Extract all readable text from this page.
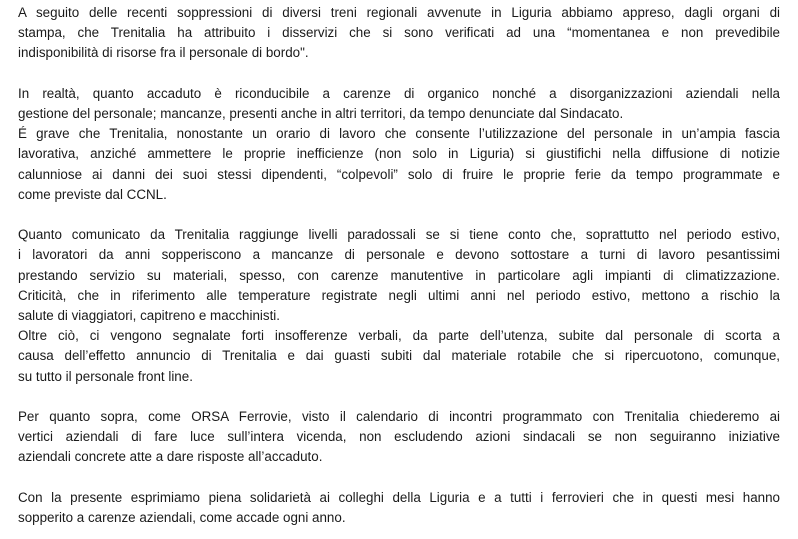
A seguito delle recenti soppressioni di diversi treni regionali avvenute in Liguria abbiamo appreso, dagli organi di
stampa, che Trenitalia ha attribuito i disservizi che si sono verificati ad una “momentanea e non prevedibile
indisponibilità di risorse fra il personale di bordo".

In realtà, quanto accaduto è riconducibile a carenze di organico nonché a disorganizzazioni aziendali nella
gestione del personale; mancanze, presenti anche in altri territori, da tempo denunciate dal Sindacato.

É grave che Trenitalia, nonostante un orario di lavoro che consente l’utilizzazione del personale in un’ampia fascia
lavorativa, anziché ammettere le proprie inefficienze (non solo in Liguria) si giustifichi nella diffusione di notizie
calunniose ai danni dei suoi stessi dipendenti, “colpevoli” solo di fruire le proprie ferie da tempo programmate e
come previste dal CCNL.

Quanto comunicato da Trenitalia raggiunge livelli paradossali se si tiene conto che, soprattutto nel periodo estivo,
i lavoratori da anni sopperiscono a mancanze di personale e devono sottostare a turni di lavoro pesantissimi
prestando servizio su materiali, spesso, con carenze manutentive in particolare agli impianti di climatizzazione.
Criticità, che in riferimento alle temperature registrate negli ultimi anni nel periodo estivo, mettono a rischio la
salute di viaggiatori, capitreno e macchinisti.

Oltre ciò, ci vengono segnalate forti insofferenze verbali, da parte dell’utenza, subite dal personale di scorta a
causa dell’effetto annuncio di Trenitalia e dai guasti subiti dal materiale rotabile che si ripercuotono, comunque,
su tutto il personale front line.

Per quanto sopra, come ORSA Ferrovie, visto il calendario di incontri programmato con Trenitalia chiederemo ai
vertici aziendali di fare luce sull’intera vicenda, non escludendo azioni sindacali se non seguiranno iniziative
aziendali concrete atte a dare risposte all’accaduto.

Con la presente esprimiamo piena solidarietà ai colleghi della Liguria e a tutti i ferrovieri che in questi mesi hanno
sopperito a carenze aziendali, come accade ogni anno.
